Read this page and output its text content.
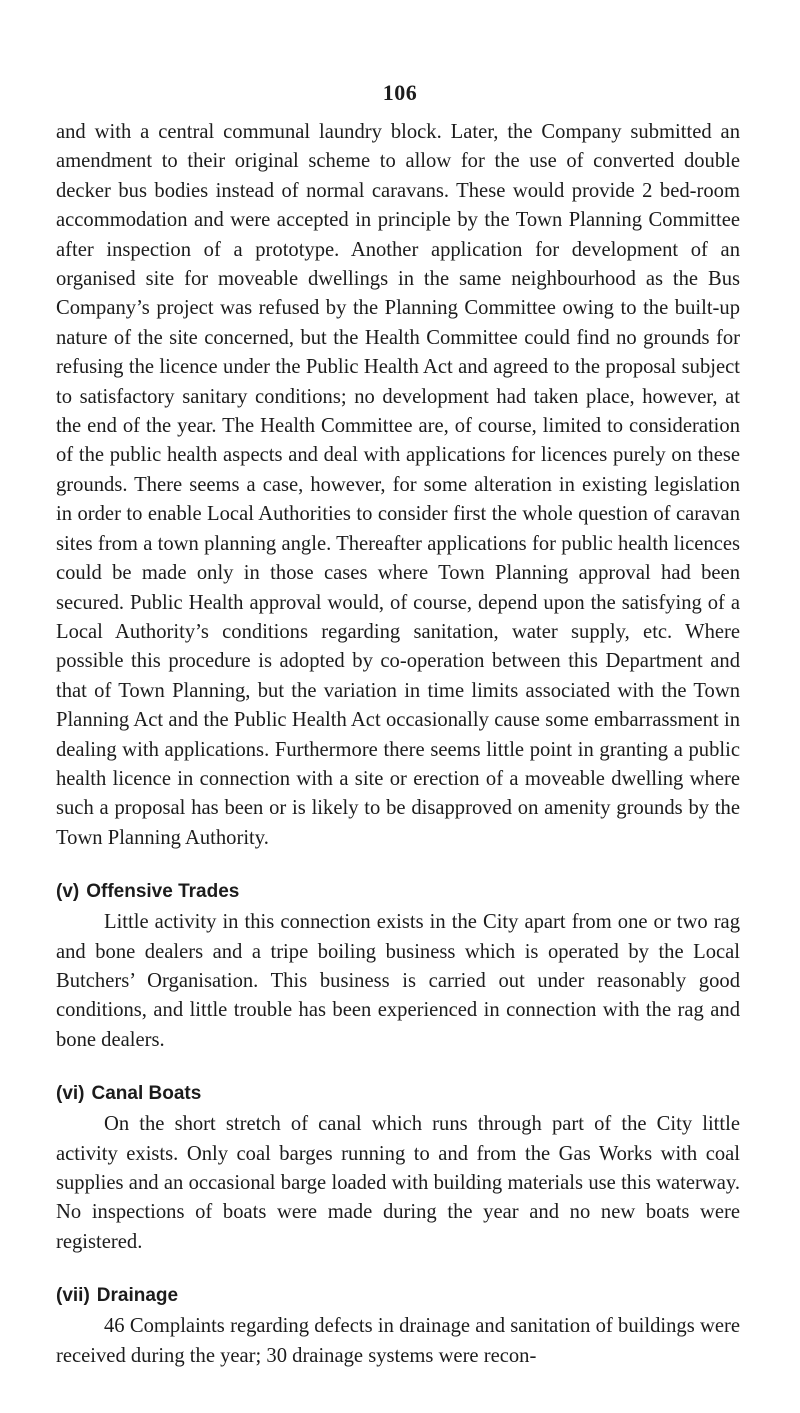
106

and with a central communal laundry block. Later, the Company submitted an amendment to their original scheme to allow for the use of converted double decker bus bodies instead of normal caravans. These would provide 2 bed-room accommodation and were accepted in principle by the Town Planning Committee after inspection of a prototype. Another application for development of an organised site for moveable dwellings in the same neighbourhood as the Bus Company’s project was refused by the Planning Committee owing to the built-up nature of the site concerned, but the Health Committee could find no grounds for refusing the licence under the Public Health Act and agreed to the proposal subject to satisfactory sanitary conditions; no development had taken place, however, at the end of the year. The Health Committee are, of course, limited to consideration of the public health aspects and deal with applications for licences purely on these grounds. There seems a case, however, for some alteration in existing legislation in order to enable Local Authorities to consider first the whole question of caravan sites from a town planning angle. Thereafter applications for public health licences could be made only in those cases where Town Planning approval had been secured. Public Health approval would, of course, depend upon the satisfying of a Local Authority’s conditions regarding sanitation, water supply, etc. Where possible this procedure is adopted by co-operation between this Department and that of Town Planning, but the variation in time limits associated with the Town Planning Act and the Public Health Act occasionally cause some embarrassment in dealing with applications. Furthermore there seems little point in granting a public health licence in connection with a site or erection of a moveable dwelling where such a proposal has been or is likely to be disapproved on amenity grounds by the Town Planning Authority.

(v) Offensive Trades

Little activity in this connection exists in the City apart from one or two rag and bone dealers and a tripe boiling business which is operated by the Local Butchers’ Organisation. This business is carried out under reasonably good conditions, and little trouble has been experienced in connection with the rag and bone dealers.

(vi) Canal Boats

On the short stretch of canal which runs through part of the City little activity exists. Only coal barges running to and from the Gas Works with coal supplies and an occasional barge loaded with building materials use this waterway. No inspections of boats were made during the year and no new boats were registered.

(vii) Drainage

46 Complaints regarding defects in drainage and sanitation of buildings were received during the year; 30 drainage systems were recon-
